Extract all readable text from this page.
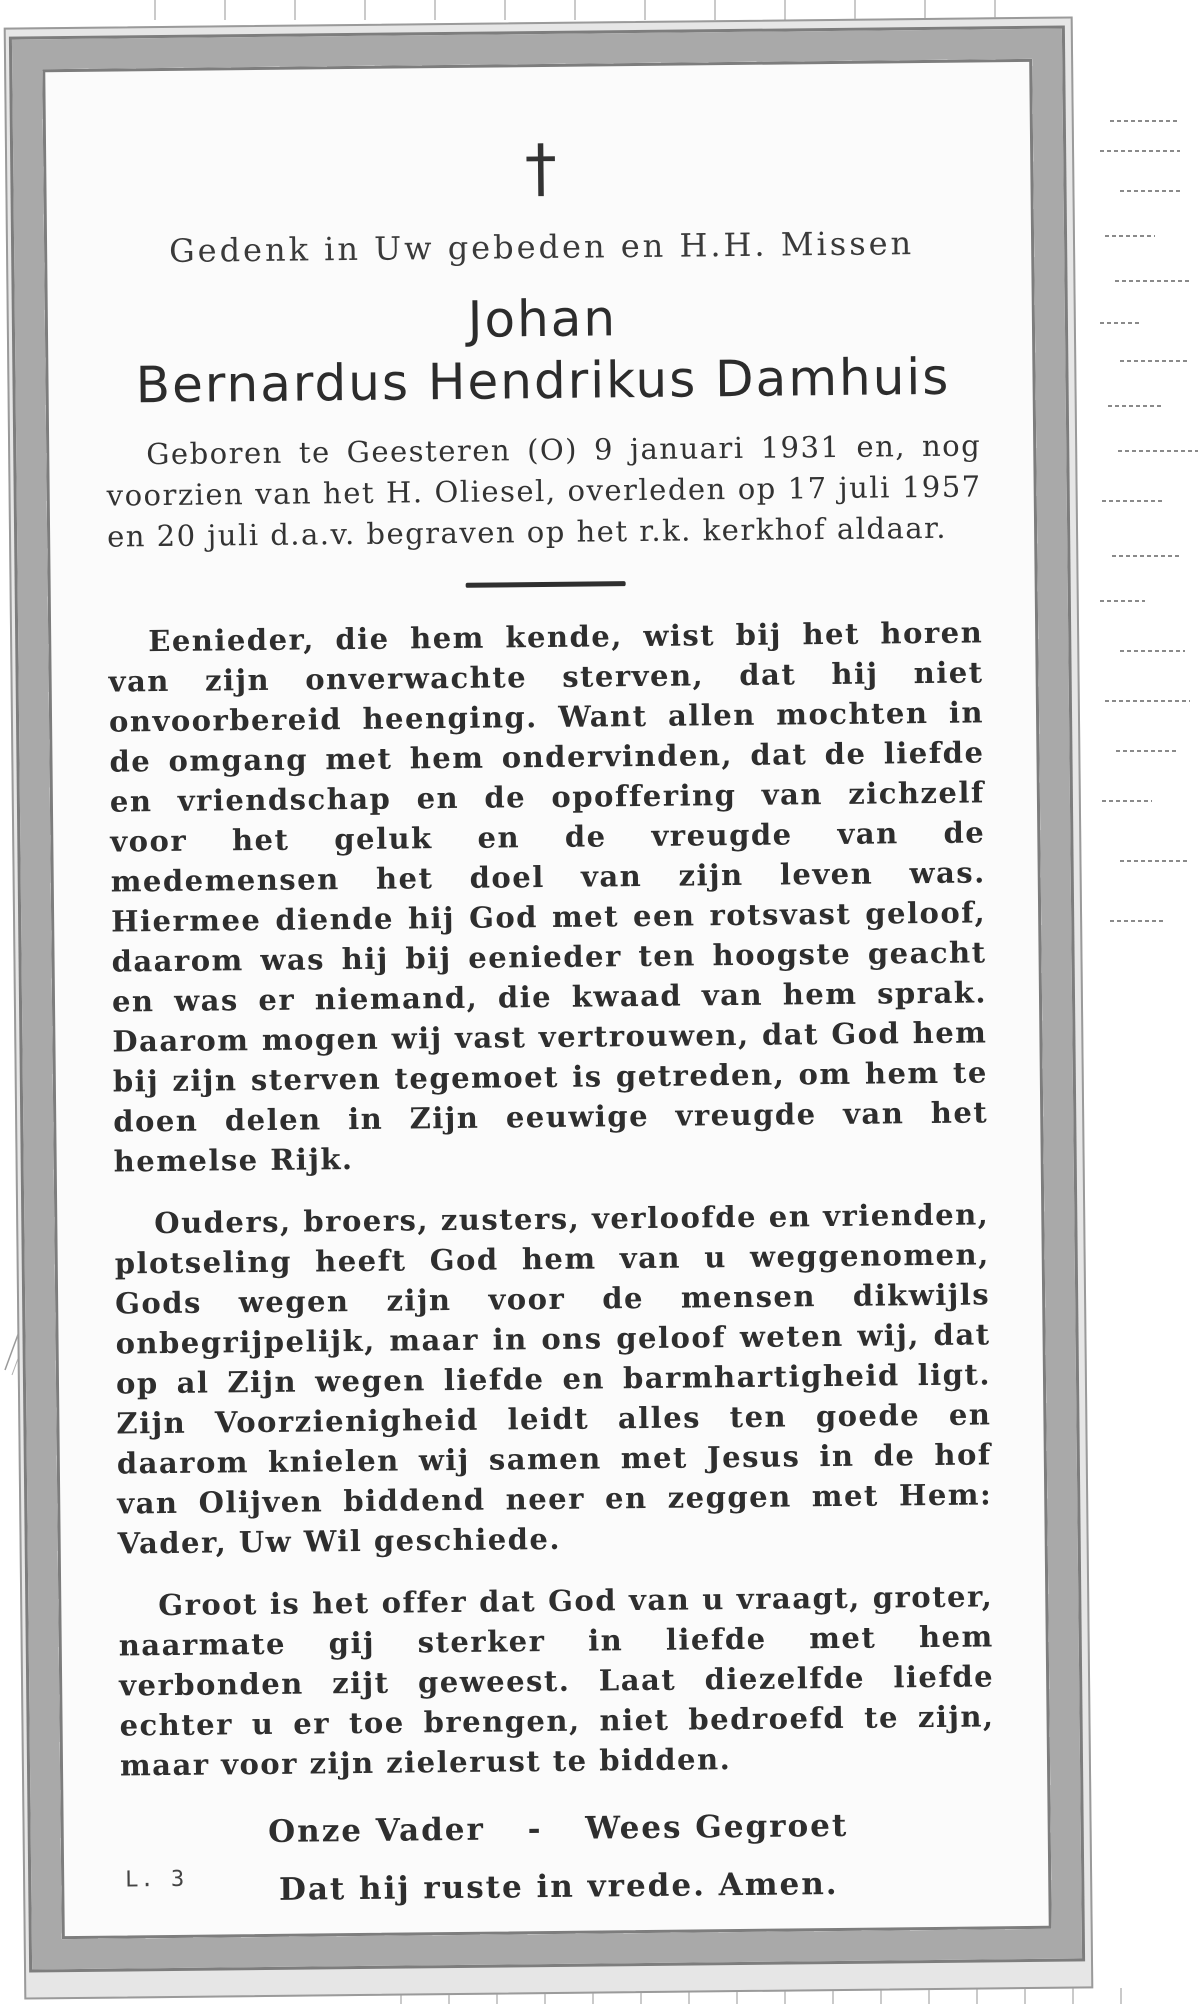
†
Gedenk in Uw gebeden en H.H. Missen
Johan
Bernardus Hendrikus Damhuis

Geboren te Geesteren (O) 9 januari 1931 en, nog voorzien van het H. Oliesel, overleden op 17 juli 1957 en 20 juli d.a.v. begraven op het r.k. kerkhof aldaar.

Eenieder, die hem kende, wist bij het horen van zijn onverwachte sterven, dat hij niet onvoorbereid heenging. Want allen mochten in de omgang met hem ondervinden, dat de liefde en vriendschap en de opoffering van zichzelf voor het geluk en de vreugde van de medemensen het doel van zijn leven was. Hiermee diende hij God met een rotsvast geloof, daarom was hij bij eenieder ten hoogste geacht en was er niemand, die kwaad van hem sprak. Daarom mogen wij vast vertrouwen, dat God hem bij zijn sterven tegemoet is getreden, om hem te doen delen in Zijn eeuwige vreugde van het hemelse Rijk.

Ouders, broers, zusters, verloofde en vrienden, plotseling heeft God hem van u weggenomen, Gods wegen zijn voor de mensen dikwijls onbegrijpelijk, maar in ons geloof weten wij, dat op al Zijn wegen liefde en barmhartigheid ligt. Zijn Voorzienigheid leidt alles ten goede en daarom knielen wij samen met Jesus in de hof van Olijven biddend neer en zeggen met Hem: Vader, Uw Wil geschiede.

Groot is het offer dat God van u vraagt, groter, naarmate gij sterker in liefde met hem verbonden zijt geweest. Laat diezelfde liefde echter u er toe brengen, niet bedroefd te zijn, maar voor zijn zielerust te bidden.

Onze Vader - Wees Gegroet
Dat hij ruste in vrede. Amen.
L. 3
